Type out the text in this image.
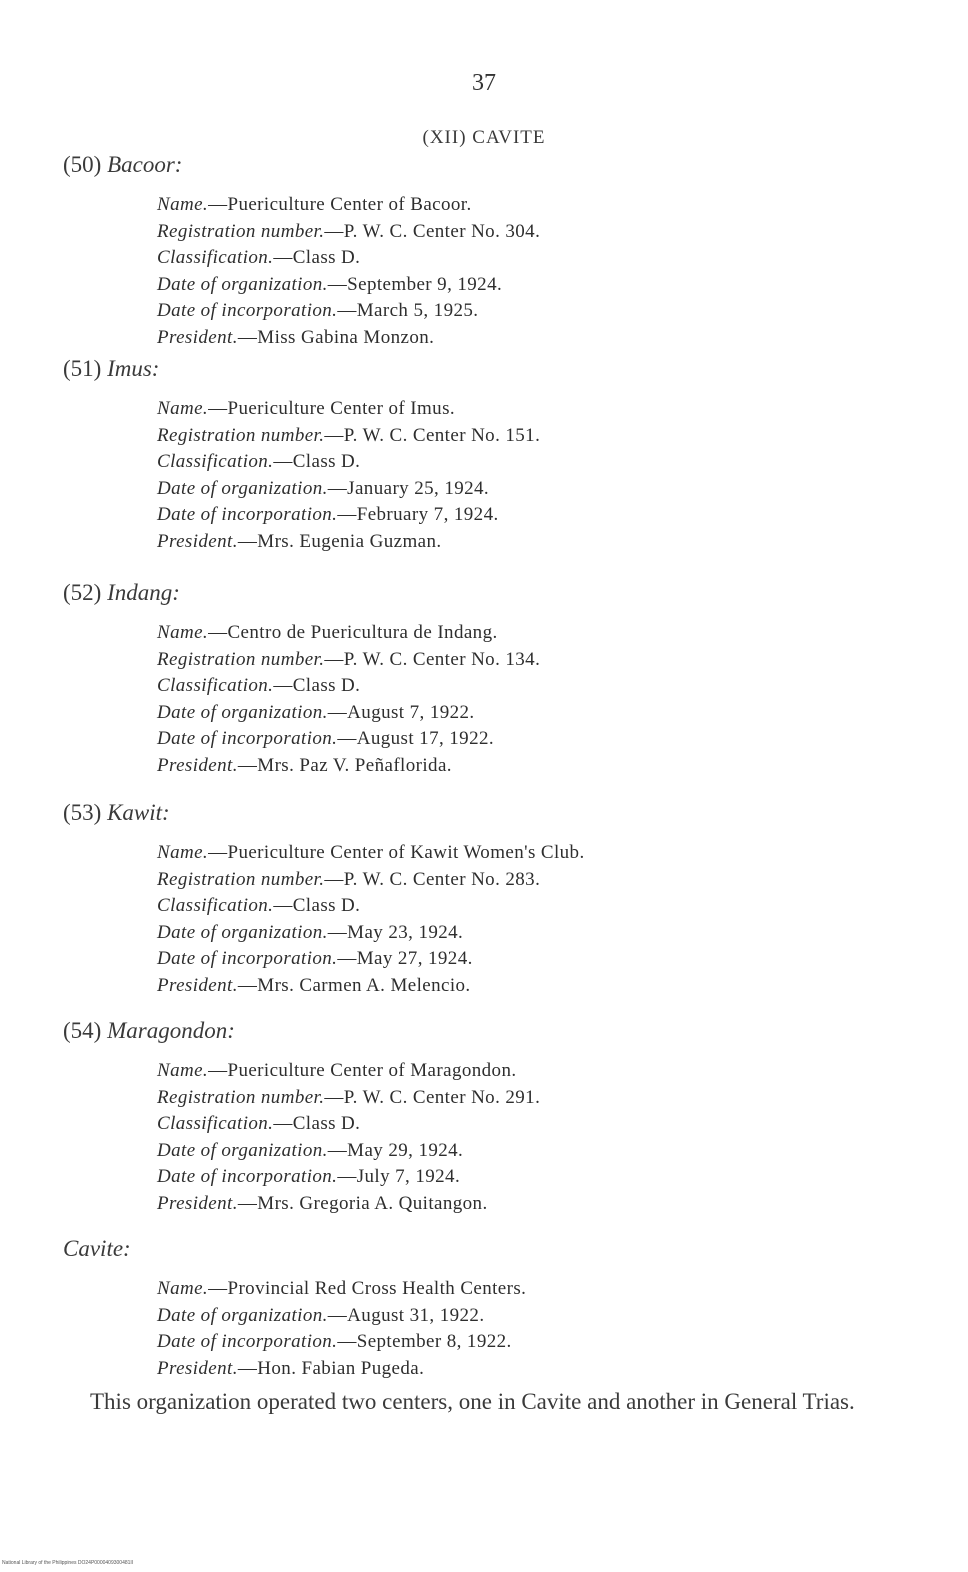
37
(XII) CAVITE
(50) Bacoor:
Name.—Puericulture Center of Bacoor.
Registration number.—P. W. C. Center No. 304.
Classification.—Class D.
Date of organization.—September 9, 1924.
Date of incorporation.—March 5, 1925.
President.—Miss Gabina Monzon.
(51) Imus:
Name.—Puericulture Center of Imus.
Registration number.—P. W. C. Center No. 151.
Classification.—Class D.
Date of organization.—January 25, 1924.
Date of incorporation.—February 7, 1924.
President.—Mrs. Eugenia Guzman.
(52) Indang:
Name.—Centro de Puericultura de Indang.
Registration number.—P. W. C. Center No. 134.
Classification.—Class D.
Date of organization.—August 7, 1922.
Date of incorporation.—August 17, 1922.
President.—Mrs. Paz V. Peñaflorida.
(53) Kawit:
Name.—Puericulture Center of Kawit Women's Club.
Registration number.—P. W. C. Center No. 283.
Classification.—Class D.
Date of organization.—May 23, 1924.
Date of incorporation.—May 27, 1924.
President.—Mrs. Carmen A. Melencio.
(54) Maragondon:
Name.—Puericulture Center of Maragondon.
Registration number.—P. W. C. Center No. 291.
Classification.—Class D.
Date of organization.—May 29, 1924.
Date of incorporation.—July 7, 1924.
President.—Mrs. Gregoria A. Quitangon.
Cavite:
Name.—Provincial Red Cross Health Centers.
Date of organization.—August 31, 1922.
Date of incorporation.—September 8, 1922.
President.—Hon. Fabian Pugeda.
This organization operated two centers, one in Cavite and another in General Trias.
National Library of the Philippines DO24P0000409300481II
